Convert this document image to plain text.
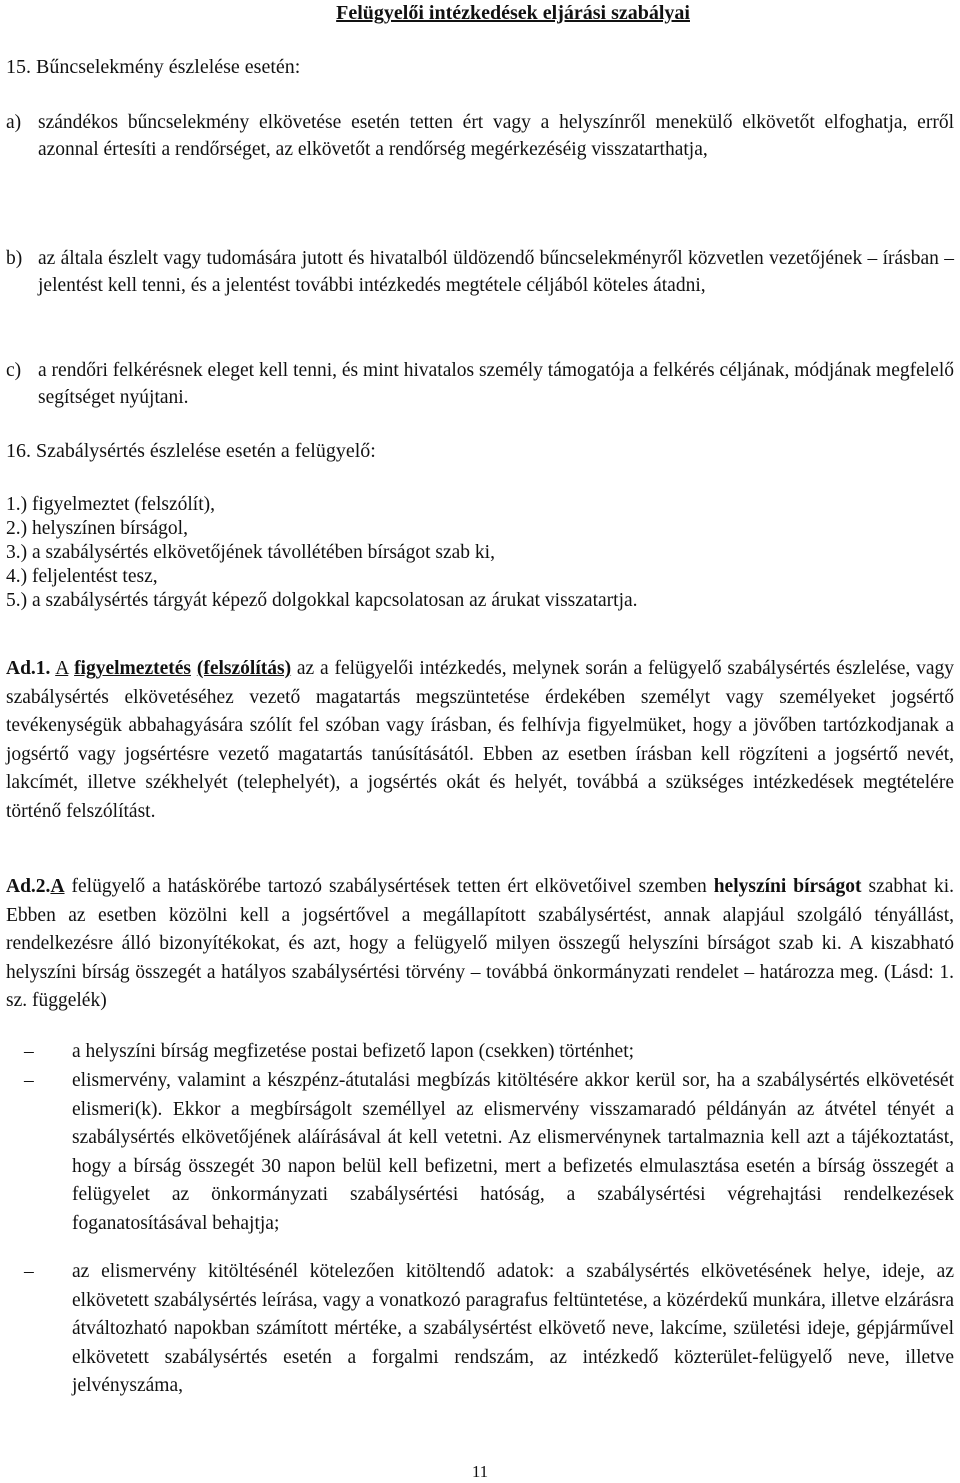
Felügyelői intézkedések eljárási szabályai
15. Bűncselekmény észlelése esetén:
a) szándékos bűncselekmény elkövetése esetén tetten ért vagy a helyszínről menekülő elkövetőt elfoghatja, erről azonnal értesíti a rendőrséget, az elkövetőt a rendőrség megérkezéséig visszatarthatja,
b) az általa észlelt vagy tudomására jutott és hivatalból üldözendő bűncselekményről közvetlen vezetőjének – írásban – jelentést kell tenni, és a jelentést további intézkedés megtétele céljából köteles átadni,
c) a rendőri felkérésnek eleget kell tenni, és mint hivatalos személy támogatója a felkérés céljának, módjának megfelelő segítséget nyújtani.
16. Szabálysértés észlelése esetén a felügyelő:
1.) figyelmeztet (felszólít),
2.) helyszínen bírságol,
3.) a szabálysértés elkövetőjének távollétében bírságot szab ki,
4.) feljelentést tesz,
5.) a szabálysértés tárgyát képező dolgokkal kapcsolatosan az árukat visszatartja.
Ad.1. A figyelmeztetés (felszólítás) az a felügyelői intézkedés, melynek során a felügyelő szabálysértés észlelése, vagy szabálysértés elkövetéséhez vezető magatartás megszüntetése érdekében személyt vagy személyeket jogsértő tevékenységük abbahagyására szólít fel szóban vagy írásban, és felhívja figyelmüket, hogy a jövőben tartózkodjanak a jogsértő vagy jogsértésre vezető magatartás tanúsításától. Ebben az esetben írásban kell rögzíteni a jogsértő nevét, lakcímét, illetve székhelyét (telephelyét), a jogsértés okát és helyét, továbbá a szükséges intézkedések megtételére történő felszólítást.
Ad.2.A felügyelő a hatáskörébe tartozó szabálysértések tetten ért elkövetőivel szemben helyszíni bírságot szabhat ki. Ebben az esetben közölni kell a jogsértővel a megállapított szabálysértést, annak alapjául szolgáló tényállást, rendelkezésre álló bizonyítékokat, és azt, hogy a felügyelő milyen összegű helyszíni bírságot szab ki. A kiszabható helyszíni bírság összegét a hatályos szabálysértési törvény – továbbá önkormányzati rendelet – határozza meg. (Lásd: 1. sz. függelék)
– a helyszíni bírság megfizetése postai befizető lapon (csekken) történhet;
– elismervény, valamint a készpénz-átutalási megbízás kitöltésére akkor kerül sor, ha a szabálysértés elkövetését elismeri(k). Ekkor a megbírságolt személlyel az elismervény visszamaradó példányán az átvétel tényét a szabálysértés elkövetőjének aláírásával át kell vetetni. Az elismervénynek tartalmaznia kell azt a tájékoztatást, hogy a bírság összegét 30 napon belül kell befizetni, mert a befizetés elmulasztása esetén a bírság összegét a felügyelet az önkormányzati szabálysértési hatóság, a szabálysértési végrehajtási rendelkezések foganatosításával behajtja;
– az elismervény kitöltésénél kötelezően kitöltendő adatok: a szabálysértés elkövetésének helye, ideje, az elkövetett szabálysértés leírása, vagy a vonatkozó paragrafus feltüntetése, a közérdekű munkára, illetve elzárásra átváltozható napokban számított mértéke, a szabálysértést elkövető neve, lakcíme, születési ideje, gépjárművel elkövetett szabálysértés esetén a forgalmi rendszám, az intézkedő közterület-felügyelő neve, illetve jelvényszáma,
11
